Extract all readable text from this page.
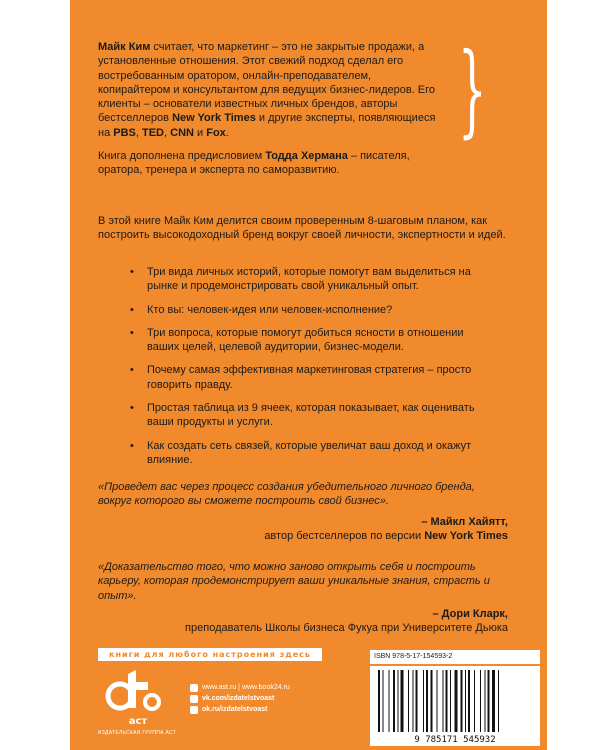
Майк Ким считает, что маркетинг – это не закрытые продажи, а установленные отношения. Этот свежий подход сделал его востребованным оратором, онлайн-преподавателем, копирайтером и консультантом для ведущих бизнес-лидеров. Его клиенты – основатели известных личных брендов, авторы бестселлеров New York Times и другие эксперты, появляющиеся на PBS, TED, CNN и Fox.
Книга дополнена предисловием Тодда Хермана – писателя, оратора, тренера и эксперта по саморазвитию.
}
В этой книге Майк Ким делится своим проверенным 8-шаговым планом, как построить высокодоходный бренд вокруг своей личности, экспертности и идей.
• Три вида личных историй, которые помогут вам выделиться на рынке и продемонстрировать свой уникальный опыт.
• Кто вы: человек-идея или человек-исполнение?
• Три вопроса, которые помогут добиться ясности в отношении ваших целей, целевой аудитории, бизнес-модели.
• Почему самая эффективная маркетинговая стратегия – просто говорить правду.
• Простая таблица из 9 ячеек, которая показывает, как оценивать ваши продукты и услуги.
• Как создать сеть связей, которые увеличат ваш доход и окажут влияние.
«Проведет вас через процесс создания убедительного личного бренда, вокруг которого вы сможете построить свой бизнес».
– Майкл Хайятт,
автор бестселлеров по версии New York Times
«Доказательство того, что можно заново открыть себя и построить карьеру, которая продемонстрирует ваши уникальные знания, страсть и опыт».
– Дори Кларк,
преподаватель Школы бизнеса Фукуа при Университете Дьюка
книги для любого настроения здесь
аст
ИЗДАТЕЛЬСКАЯ ГРУППА АСТ
www.ast.ru | www.book24.ru
vk.com/izdatelstvoast
ok.ru/izdatelstvoast
ISBN 978-5-17-154593-2
9 785171 545932
